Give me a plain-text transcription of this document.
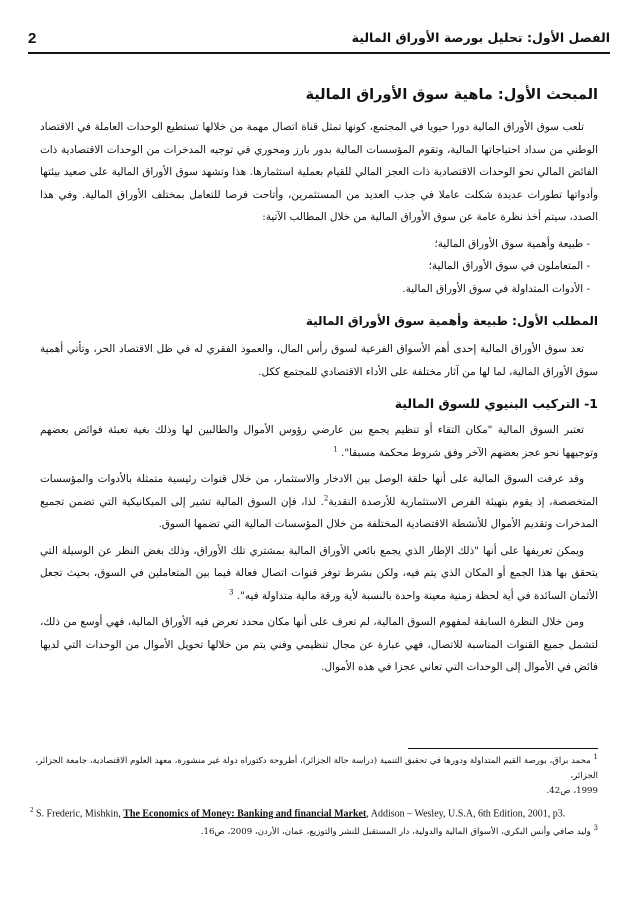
2	الفصل الأول: تحليل بورصة الأوراق المالية
المبحث الأول: ماهية سوق الأوراق المالية

تلعب سوق الأوراق المالية دورا حيويا في المجتمع، كونها تمثل قناة اتصال مهمة من خلالها تستطيع الوحدات العاملة في الاقتصاد الوطني من سداد احتياجاتها المالية، وتقوم المؤسسات المالية بدور بارز ومحوري في توجيه المدخرات من الوحدات الاقتصادية ذات الفائض المالي نحو الوحدات الاقتصادية ذات العجز المالي للقيام بعملية استثمارها. هذا وتشهد سوق الأوراق المالية على صعيد بيئتها وأدواتها تطورات عديدة شكلت عاملا في جذب العديد من المستثمرين، وأتاحت فرصا للتعامل بمختلف الأوراق المالية. وفي هذا الصدد، سيتم أخذ نظرة عامة عن سوق الأوراق المالية من خلال المطالب الآتية:

- طبيعة وأهمية سوق الأوراق المالية؛
- المتعاملون في سوق الأوراق المالية؛
- الأدوات المتداولة في سوق الأوراق المالية.
المطلب الأول: طبيعة وأهمية سوق الأوراق المالية

تعد سوق الأوراق المالية إحدى أهم الأسواق الفرعية لسوق رأس المال، والعمود الفقري له في ظل الاقتصاد الحر، وتأتي أهمية سوق الأوراق المالية، لما لها من آثار مختلفة على الأداء الاقتصادي للمجتمع ككل.

1- التركيب البنيوي للسوق المالية

تعتبر السوق المالية "مكان التقاء أو تنظيم يجمع بين عارضي رؤوس الأموال والطالبين لها وذلك بغية تعبئة فوائض بعضهم وتوجيهها نحو عجز بعضهم الآخر وفق شروط محكمة مسبقا". $^1$

وقد عرفت السوق المالية على أنها حلقة الوصل بين الادخار والاستثمار، من خلال قنوات رئيسية متمثلة بالأدوات والمؤسسات المتخصصة، إذ يقوم بتهيئة الفرص الاستثمارية للأرصدة النقدية$^2$. لذا، فإن السوق المالية تشير إلى الميكانيكية التي تضمن تجميع المدخرات وتقديم الأموال للأنشطة الاقتصادية المختلفة من خلال المؤسسات المالية التي تضمها السوق.

ويمكن تعريفها على أنها "ذلك الإطار الذي يجمع بائعي الأوراق المالية بمشتري تلك الأوراق، وذلك بغض النظر عن الوسيلة التي يتحقق بها هذا الجمع أو المكان الذي يتم فيه، ولكن بشرط توفر قنوات اتصال فعالة فيما بين المتعاملين في السوق، بحيث تجعل الأثمان السائدة في أية لحظة زمنية معينة واحدة بالنسبة لأية ورقة مالية متداولة فيه". $^3$

ومن خلال النظرة السابقة لمفهوم السوق المالية، لم تعرف على أنها مكان محدد تعرض فيه الأوراق المالية، فهي أوسع من ذلك، لتشمل جميع القنوات المناسبة للاتصال، فهي عبارة عن مجال تنظيمي وفني يتم من خلالها تحويل الأموال من الوحدات التي لديها فائض في الأموال إلى الوحدات التي تعاني عجزا في هذه الأموال.

$^1$ محمد براق، بورصة القيم المتداولة ودورها في تحقيق التنمية (دراسة حالة الجزائر)، أطروحة دكتوراه دولة غير منشورة، معهد العلوم الاقتصادية، جامعة الجزائر، الجزائر،
1999، ص42.
$^2$ S. Frederic, Mishkin, The Economics of Money: Banking and financial Market, Addison – Wesley, U.S.A, 6th Edition, 2001, p3.
$^3$ وليد صافي وأنس البكري، الأسواق المالية والدولية، دار المستقبل للنشر والتوزيع، عمان، الأردن، 2009، ص16.
